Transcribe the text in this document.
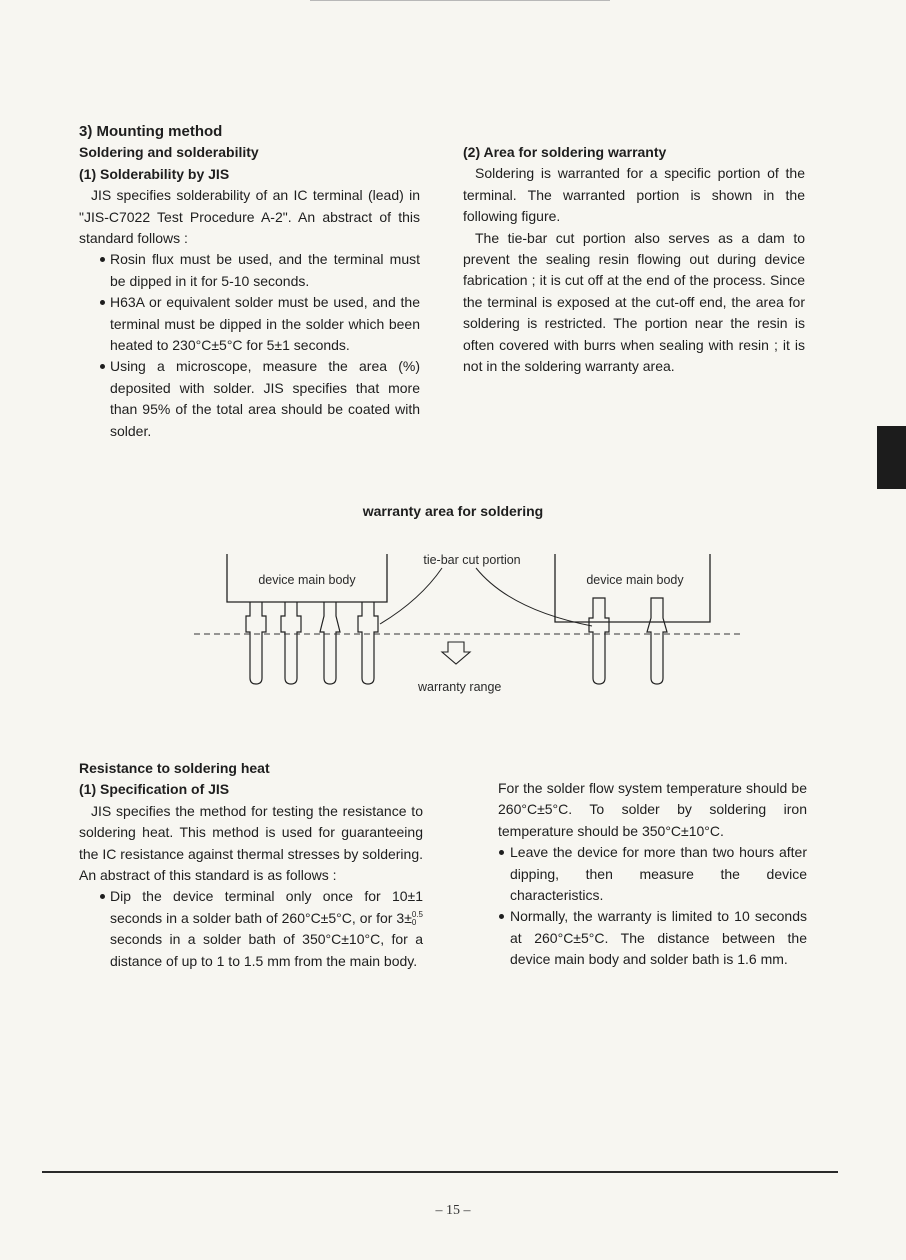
3) Mounting method

Soldering and solderability

(1) Solderability by JIS

JIS specifies solderability of an IC terminal (lead) in "JIS-C7022 Test Procedure A-2". An abstract of this standard follows :

Rosin flux must be used, and the terminal must be dipped in it for 5-10 seconds.
H63A or equivalent solder must be used, and the terminal must be dipped in the solder which been heated to 230°C±5°C for 5±1 seconds.
Using a microscope, measure the area (%) deposited with solder. JIS specifies that more than 95% of the total area should be coated with solder.

(2) Area for soldering warranty

Soldering is warranted for a specific portion of the terminal. The warranted portion is shown in the following figure.

The tie-bar cut portion also serves as a dam to prevent the sealing resin flowing out during device fabrication ; it is cut off at the end of the process. Since the terminal is exposed at the cut-off end, the area for soldering is restricted. The portion near the resin is often covered with burrs when sealing with resin ; it is not in the soldering warranty area.

warranty area for soldering
device main body	device main body
tie-bar cut portion
warranty range

Resistance to soldering heat

(1) Specification of JIS

JIS specifies the method for testing the resistance to soldering heat. This method is used for guaranteeing the IC resistance against thermal stresses by soldering. An abstract of this standard is as follows :

Dip the device terminal only once for 10±1 seconds in a solder bath of 260°C±5°C, or for 3± 0.5
0
seconds in a solder bath of 350°C±10°C, for a distance of up to 1 to 1.5 mm from the main body.

For the solder flow system temperature should be 260°C±5°C. To solder by soldering iron temperature should be 350°C±10°C.

Leave the device for more than two hours after dipping, then measure the device characteristics.
Normally, the warranty is limited to 10 seconds at 260°C±5°C. The distance between the device main body and solder bath is 1.6 mm.
– 15 –
